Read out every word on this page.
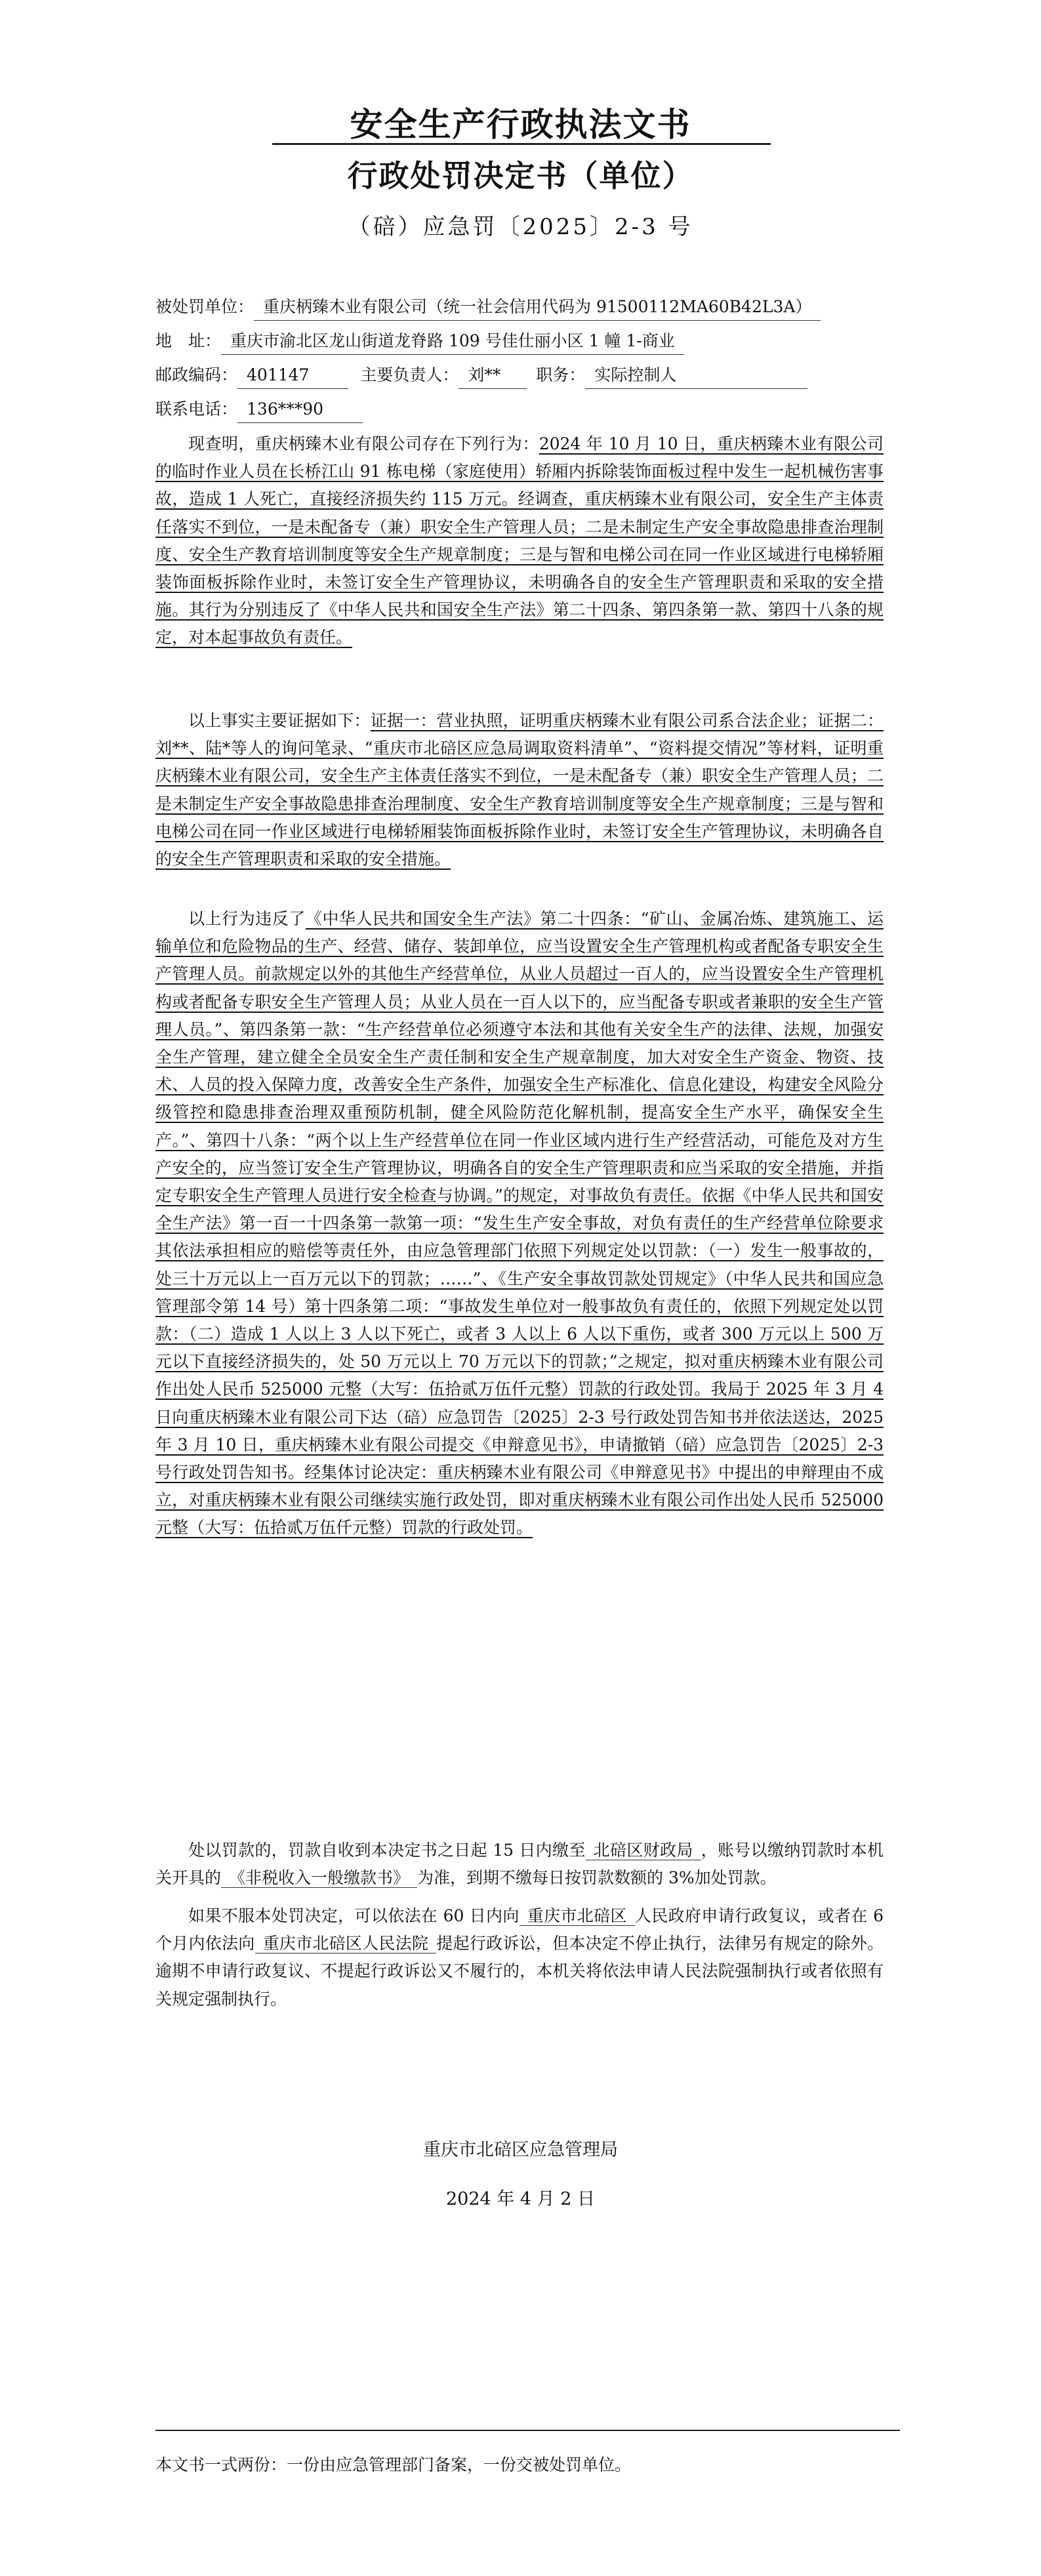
安全生产行政执法文书
行政处罚决定书（单位）
（碚）应急罚〔2025〕2-3 号
被处罚单位： 重庆柄臻木业有限公司（统一社会信用代码为 91500112MA60B42L3A）
地　址： 重庆市渝北区龙山街道龙脊路 109 号佳仕丽小区 1 幢 1-商业
邮政编码： 401147	主要负责人： 刘** 职务： 实际控制人
联系电话： 136***90
现查明，重庆柄臻木业有限公司存在下列行为：2024 年 10 月 10 日，重庆柄臻木业有限公司的临时作业人员在长桥江山 91 栋电梯（家庭使用）轿厢内拆除装饰面板过程中发生一起机械伤害事故，造成 1 人死亡，直接经济损失约 115 万元。经调查，重庆柄臻木业有限公司，安全生产主体责任落实不到位，一是未配备专（兼）职安全生产管理人员；二是未制定生产安全事故隐患排查治理制度、安全生产教育培训制度等安全生产规章制度；三是与智和电梯公司在同一作业区域进行电梯轿厢装饰面板拆除作业时，未签订安全生产管理协议，未明确各自的安全生产管理职责和采取的安全措施。其行为分别违反了《中华人民共和国安全生产法》第二十四条、第四条第一款、第四十八条的规定，对本起事故负有责任。
以上事实主要证据如下：证据一：营业执照，证明重庆柄臻木业有限公司系合法企业；证据二：刘**、陆*等人的询问笔录、“重庆市北碚区应急局调取资料清单”、“资料提交情况”等材料，证明重庆柄臻木业有限公司，安全生产主体责任落实不到位，一是未配备专（兼）职安全生产管理人员；二是未制定生产安全事故隐患排查治理制度、安全生产教育培训制度等安全生产规章制度；三是与智和电梯公司在同一作业区域进行电梯轿厢装饰面板拆除作业时，未签订安全生产管理协议，未明确各自的安全生产管理职责和采取的安全措施。
以上行为违反了《中华人民共和国安全生产法》第二十四条：“矿山、金属冶炼、建筑施工、运输单位和危险物品的生产、经营、储存、装卸单位，应当设置安全生产管理机构或者配备专职安全生产管理人员。前款规定以外的其他生产经营单位，从业人员超过一百人的，应当设置安全生产管理机构或者配备专职安全生产管理人员；从业人员在一百人以下的，应当配备专职或者兼职的安全生产管理人员。”、第四条第一款：“生产经营单位必须遵守本法和其他有关安全生产的法律、法规，加强安全生产管理，建立健全全员安全生产责任制和安全生产规章制度，加大对安全生产资金、物资、技术、人员的投入保障力度，改善安全生产条件，加强安全生产标准化、信息化建设，构建安全风险分级管控和隐患排查治理双重预防机制，健全风险防范化解机制，提高安全生产水平，确保安全生产。”、第四十八条：“两个以上生产经营单位在同一作业区域内进行生产经营活动，可能危及对方生产安全的，应当签订安全生产管理协议，明确各自的安全生产管理职责和应当采取的安全措施，并指定专职安全生产管理人员进行安全检查与协调。”的规定，对事故负有责任。依据《中华人民共和国安全生产法》第一百一十四条第一款第一项：“发生生产安全事故，对负有责任的生产经营单位除要求其依法承担相应的赔偿等责任外，由应急管理部门依照下列规定处以罚款：（一）发生一般事故的，处三十万元以上一百万元以下的罚款；……”、《生产安全事故罚款处罚规定》（中华人民共和国应急管理部令第 14 号）第十四条第二项：“事故发生单位对一般事故负有责任的，依照下列规定处以罚款：（二）造成 1 人以上 3 人以下死亡，或者 3 人以上 6 人以下重伤，或者 300 万元以上 500 万元以下直接经济损失的，处 50 万元以上 70 万元以下的罚款；”之规定，拟对重庆柄臻木业有限公司作出处人民币 525000 元整（大写：伍拾贰万伍仟元整）罚款的行政处罚。我局于 2025 年 3 月 4 日向重庆柄臻木业有限公司下达（碚）应急罚告〔2025〕2-3 号行政处罚告知书并依法送达，2025 年 3 月 10 日，重庆柄臻木业有限公司提交《申辩意见书》，申请撤销（碚）应急罚告〔2025〕2-3 号行政处罚告知书。经集体讨论决定：重庆柄臻木业有限公司《申辩意见书》中提出的申辩理由不成立，对重庆柄臻木业有限公司继续实施行政处罚，即对重庆柄臻木业有限公司作出处人民币 525000 元整（大写：伍拾贰万伍仟元整）罚款的行政处罚。
处以罚款的，罚款自收到本决定书之日起 15 日内缴至 北碚区财政局 ，账号以缴纳罚款时本机关开具的 《非税收入一般缴款书》 为准，到期不缴每日按罚款数额的 3%加处罚款。
如果不服本处罚决定，可以依法在 60 日内向 重庆市北碚区 人民政府申请行政复议，或者在 6 个月内依法向 重庆市北碚区人民法院 提起行政诉讼，但本决定不停止执行，法律另有规定的除外。逾期不申请行政复议、不提起行政诉讼又不履行的，本机关将依法申请人民法院强制执行或者依照有关规定强制执行。
重庆市北碚区应急管理局
2024 年 4 月 2 日
本文书一式两份：一份由应急管理部门备案，一份交被处罚单位。
